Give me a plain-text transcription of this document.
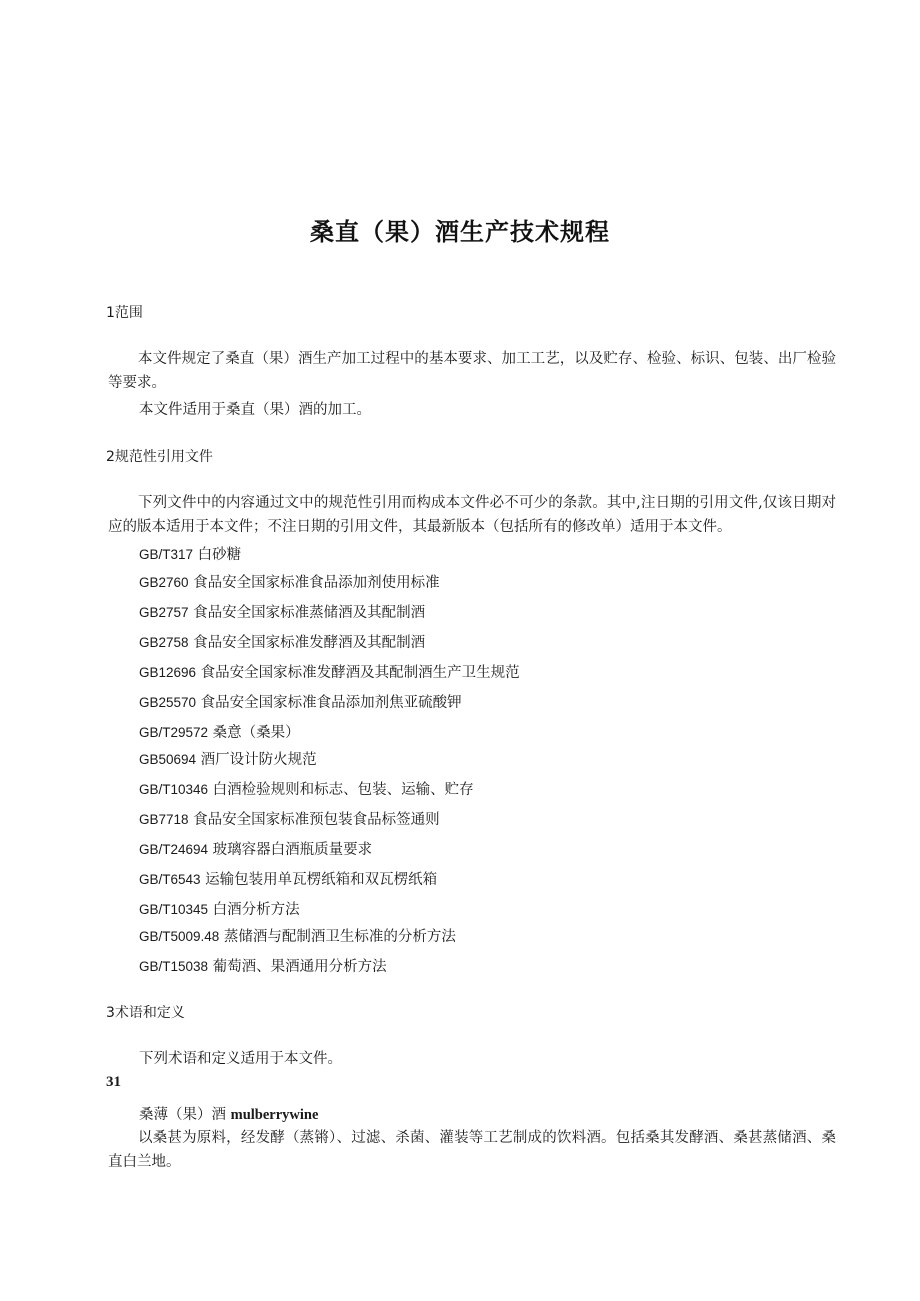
桑直（果）酒生产技术规程
1范围
本文件规定了桑直（果）酒生产加工过程中的基本要求、加工工艺，以及贮存、检验、标识、包装、出厂检验等要求。
本文件适用于桑直（果）酒的加工。
2规范性引用文件
下列文件中的内容通过文中的规范性引用而构成本文件必不可少的条款。其中,注日期的引用文件,仅该日期对应的版本适用于本文件；不注日期的引用文件，其最新版本（包括所有的修改单）适用于本文件。
GB/T317 白砂糖
GB2760 食品安全国家标准食品添加剂使用标准
GB2757 食品安全国家标准蒸储酒及其配制酒
GB2758 食品安全国家标准发酵酒及其配制酒
GB12696 食品安全国家标准发酵酒及其配制酒生产卫生规范
GB25570 食品安全国家标准食品添加剂焦亚硫酸钾
GB/T29572 桑意（桑果）
GB50694 酒厂设计防火规范
GB/T10346 白酒检验规则和标志、包装、运输、贮存
GB7718 食品安全国家标准预包装食品标签通则
GB/T24694 玻璃容器白酒瓶质量要求
GB/T6543 运输包装用单瓦楞纸箱和双瓦楞纸箱
GB/T10345 白酒分析方法
GB/T5009.48 蒸储酒与配制酒卫生标准的分析方法
GB/T15038 葡萄酒、果酒通用分析方法
3术语和定义
下列术语和定义适用于本文件。
31
桑薄（果）酒 mulberrywine
以桑甚为原料，经发酵（蒸锵）、过滤、杀菌、灌装等工艺制成的饮料酒。包括桑其发酵酒、桑甚蒸储酒、桑直白兰地。
